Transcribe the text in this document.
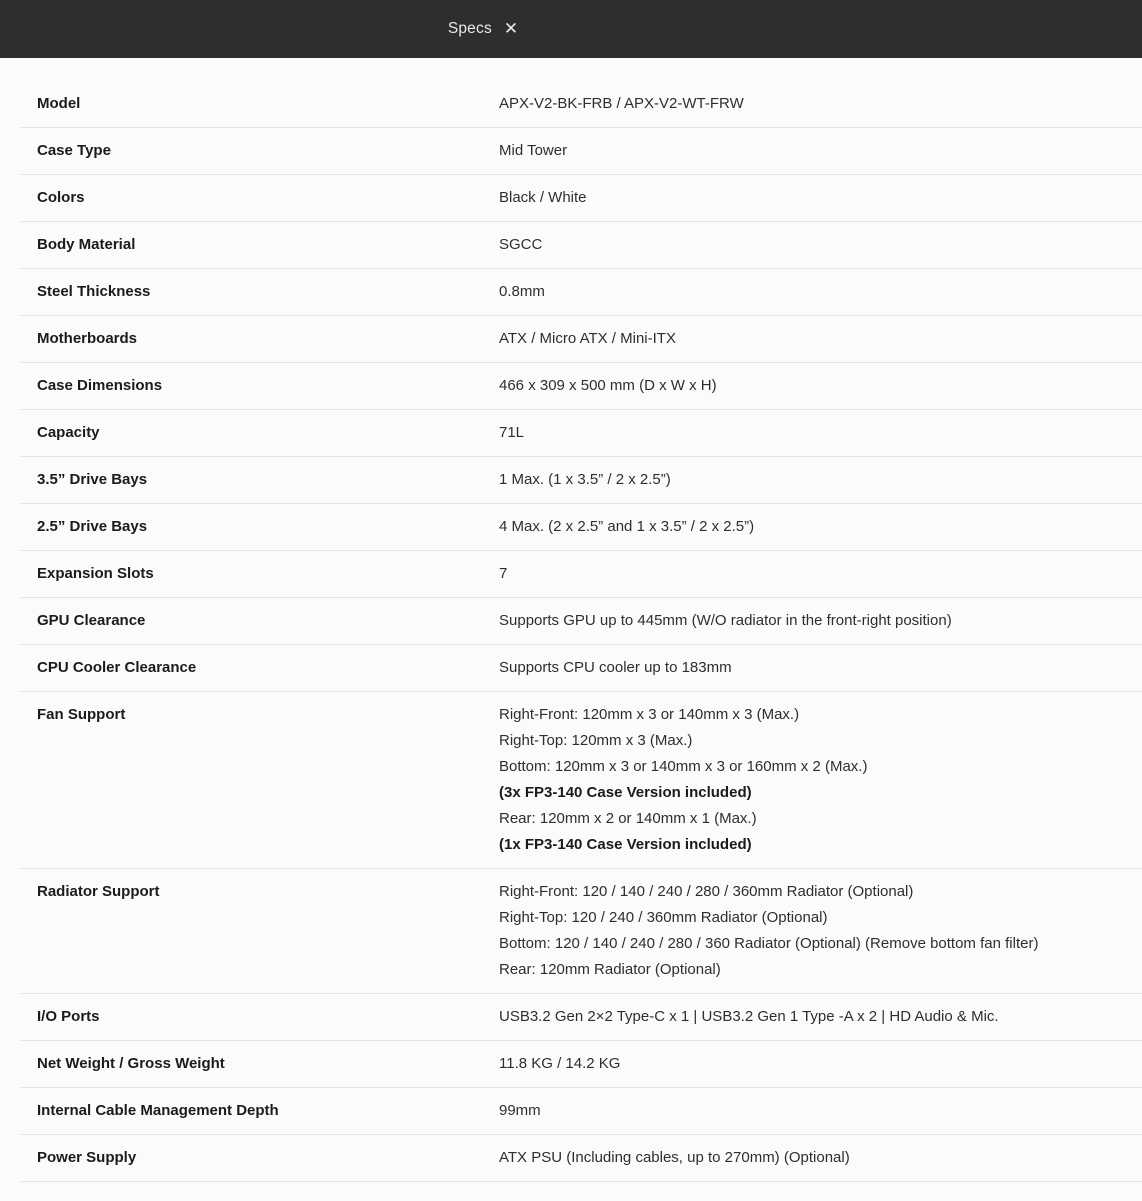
Specs ✕
Model	APX-V2-BK-FRB / APX-V2-WT-FRW
Case Type	Mid Tower
Colors	Black / White
Body Material	SGCC
Steel Thickness	0.8mm
Motherboards	ATX / Micro ATX / Mini-ITX
Case Dimensions	466 x 309 x 500 mm (D x W x H)
Capacity	71L
3.5” Drive Bays	1 Max. (1 x 3.5” / 2 x 2.5”)
2.5” Drive Bays	4 Max. (2 x 2.5” and 1 x 3.5” / 2 x 2.5”)
Expansion Slots	7
GPU Clearance	Supports GPU up to 445mm (W/O radiator in the front-right position)
CPU Cooler Clearance	Supports CPU cooler up to 183mm
Fan Support	Right-Front: 120mm x 3 or 140mm x 3 (Max.)
Right-Top: 120mm x 3 (Max.)
Bottom: 120mm x 3 or 140mm x 3 or 160mm x 2 (Max.)
(3x FP3-140 Case Version included)
Rear: 120mm x 2 or 140mm x 1 (Max.)
(1x FP3-140 Case Version included)
Radiator Support	Right-Front: 120 / 140 / 240 / 280 / 360mm Radiator (Optional)
Right-Top: 120 / 240 / 360mm Radiator (Optional)
Bottom: 120 / 140 / 240 / 280 / 360 Radiator (Optional) (Remove bottom fan filter)
Rear: 120mm Radiator (Optional)
I/O Ports	USB3.2 Gen 2×2 Type-C x 1 | USB3.2 Gen 1 Type -A x 2 | HD Audio & Mic.
Net Weight / Gross Weight	11.8 KG / 14.2 KG
Internal Cable Management Depth	99mm
Power Supply	ATX PSU (Including cables, up to 270mm) (Optional)
